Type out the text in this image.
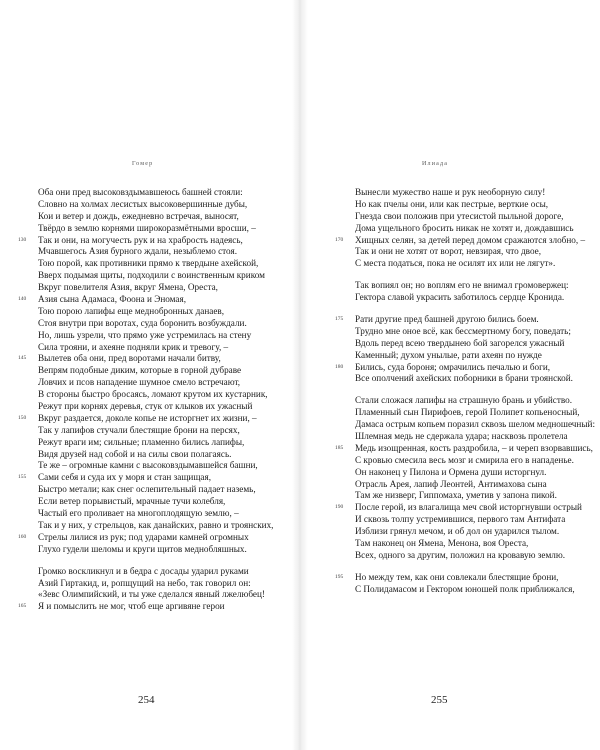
Гомер
Оба они пред высоковздымавшеюсь башней стояли:
Словно на холмах лесистых высоковершинные дубы,
Кои и ветер и дождь, ежедневно встречая, выносят,
Твёрдо в землю корнями широкоразмётными вросши, –
130	Так и они, на могучесть рук и на храбрость надеясь,
Мчавшегось Азия бурного ждали, незыблемо стоя.
Тою порой, как противники прямо к твердыне ахейской,
Вверх подымая щиты, подходили с воинственным криком
Вкруг повелителя Азия, вкруг Ямена, Ореста,
140	Азия сына Адамаса, Фоона и Эномая,
Тою порою лапифы еще меднобронных данаев,
Стоя внутри при воротах, суда боронить возбуждали.
Но, лишь узрели, что прямо уже устремилась на стену
Сила трояни, и ахеяне подняли крик и тревогу, –
145	Вылетев оба они, пред воротами начали битву,
Вепрям подобные диким, которые в горной дубраве
Ловчих и псов нападение шумное смело встречают,
В стороны быстро бросаясь, ломают крутом их кустарник,
Режут при корнях деревья, стук от клыков их ужасный
150	Вкруг раздается, доколе копье не исторгнет их жизни, –
Так у лапифов стучали блестящие брони на персях,
Режут враги им; сильные; пламенно бились лапифы,
Видя друзей над собой и на силы свои полагаясь.
Те же – огромные камни с высоковздымавшейся башни,
155	Сами себя и суда их у моря и стан защищая,
Быстро метали; как снег ослепительный падает наземь,
Если ветер порывистый, мрачные тучи колебля,
Частый его проливает на многоплодящую землю, –
Так и у них, у стрельцов, как данайских, равно и троянских,
160	Стрелы лилися из рук; под ударами камней огромных
Глухо гудели шеломы и круги щитов меднобляшных.
Громко воскликнул и в бедра с досады ударил руками
Азий Гиртакид, и, ропщущий на небо, так говорил он:
«Зевс Олимпийский, и ты уже сделался явный лжелюбец!
165	Я и помыслить не мог, чтоб еще аргивяне герои
254
Илиада
Вынесли мужество наше и рук необорную силу!
Но как пчелы они, или как пестрые, верткие осы,
Гнезда свои положив при утесистой пыльной дороге,
Дома ущельного бросить никак не хотят и, дождавшись
170	Хищных селян, за детей перед домом сражаются злобно, –
Так и они не хотят от ворот, невзирая, что двое,
С места податься, пока не осилят их или не лягут».
Так вопиял он; но воплям его не внимал громовержец:
Гектора славой украсить заботилось сердце Кронида.
175	Рати другие пред башней другою бились боем.
Трудно мне оное всё, как бессмертному богу, поведать;
Вдоль перед всею твердынею бой загорелся ужасный
Каменный; духом унылые, рати ахеян по нужде
180	Бились, суда бороня; омрачились печалью и боги,
Все ополчений ахейских поборники в брани троянской.
Стали сложася лапифы на страшную брань и убийство.
Пламенный сын Пирифоев, герой Полипет копьеносный,
Дамаса острым копьем поразил сквозь шелом медношечный:
Шлемная медь не сдержала удара; насквозь пролетела
185	Медь изощренная, кость раздробила, – и череп взорвавшись,
С кровью смесила весь мозг и смирила его в нападенье.
Он наконец у Пилона и Ормена души исторгнул.
Отрасль Арея, лапиф Леонтей, Антимахова сына
Там же низверг, Гиппомаха, уметив у запона пикой.
190	После герой, из влагалища меч свой исторгнувши острый
И сквозь толпу устремившися, первого там Антифата
Изблизи грянул мечом, и об дол он ударился тылом.
Там наконец он Ямена, Менона, воя Ореста,
Всех, одного за другим, положил на кровавую землю.
195	Но между тем, как они совлекали блестящие брони,
С Полидамасом и Гектором юношей полк приближался,
255
